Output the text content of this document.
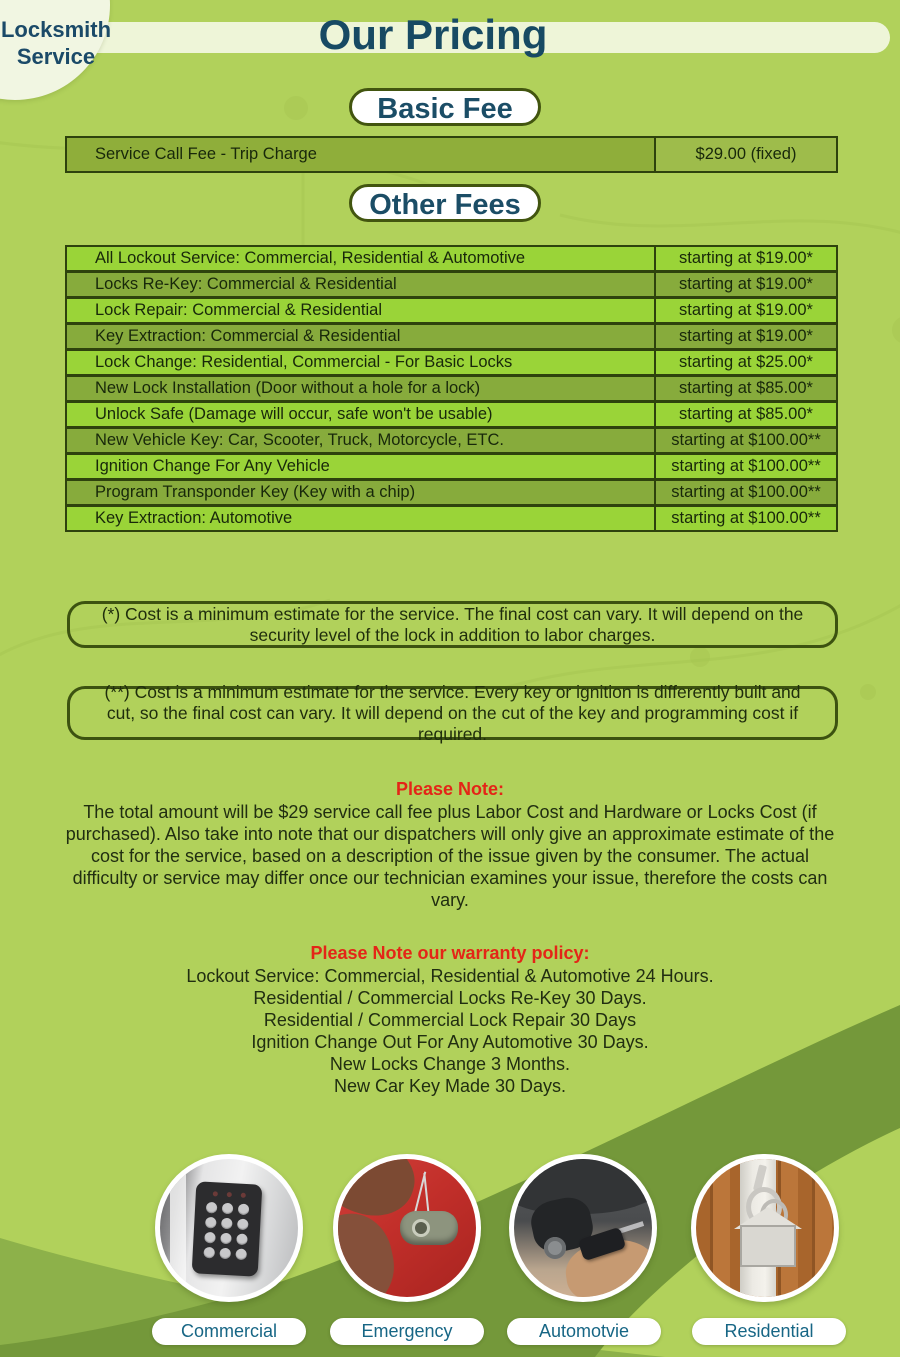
Locksmith
Service	Our Pricing
Basic Fee
Service Call Fee - Trip Charge	$29.00 (fixed)
Other Fees
All Lockout Service: Commercial, Residential & Automotive	starting at $19.00*
Locks Re-Key: Commercial & Residential	starting at $19.00*
Lock Repair: Commercial & Residential	starting at $19.00*
Key Extraction: Commercial & Residential	starting at $19.00*
Lock Change: Residential, Commercial - For Basic Locks	starting at $25.00*
New Lock Installation (Door without a hole for a lock)	starting at $85.00*
Unlock Safe (Damage will occur, safe won't be usable)	starting at $85.00*
New Vehicle Key: Car, Scooter, Truck, Motorcycle, ETC.	starting at $100.00**
Ignition Change For Any Vehicle	starting at $100.00**
Program Transponder Key (Key with a chip)	starting at $100.00**
Key Extraction: Automotive	starting at $100.00**
(*) Cost is a minimum estimate for the service. The final cost can vary. It will depend on the security level of the lock in addition to labor charges.
(**) Cost is a minimum estimate for the service. Every key or ignition is differently built and cut, so the final cost can vary. It will depend on the cut of the key and programming cost if required.
Please Note:
The total amount will be $29 service call fee plus Labor Cost and Hardware or Locks Cost (if purchased). Also take into note that our dispatchers will only give an approximate estimate of the cost for the service, based on a description of the issue given by the consumer. The actual difficulty or service may differ once our technician examines your issue, therefore the costs can vary.
Please Note our warranty policy:
Lockout Service: Commercial, Residential & Automotive 24 Hours.
Residential / Commercial Locks Re-Key 30 Days.
Residential / Commercial Lock Repair 30 Days
Ignition Change Out For Any Automotive 30 Days.
New Locks Change 3 Months.
New Car Key Made 30 Days.
Commercial	Emergency	Automotvie	Residential
